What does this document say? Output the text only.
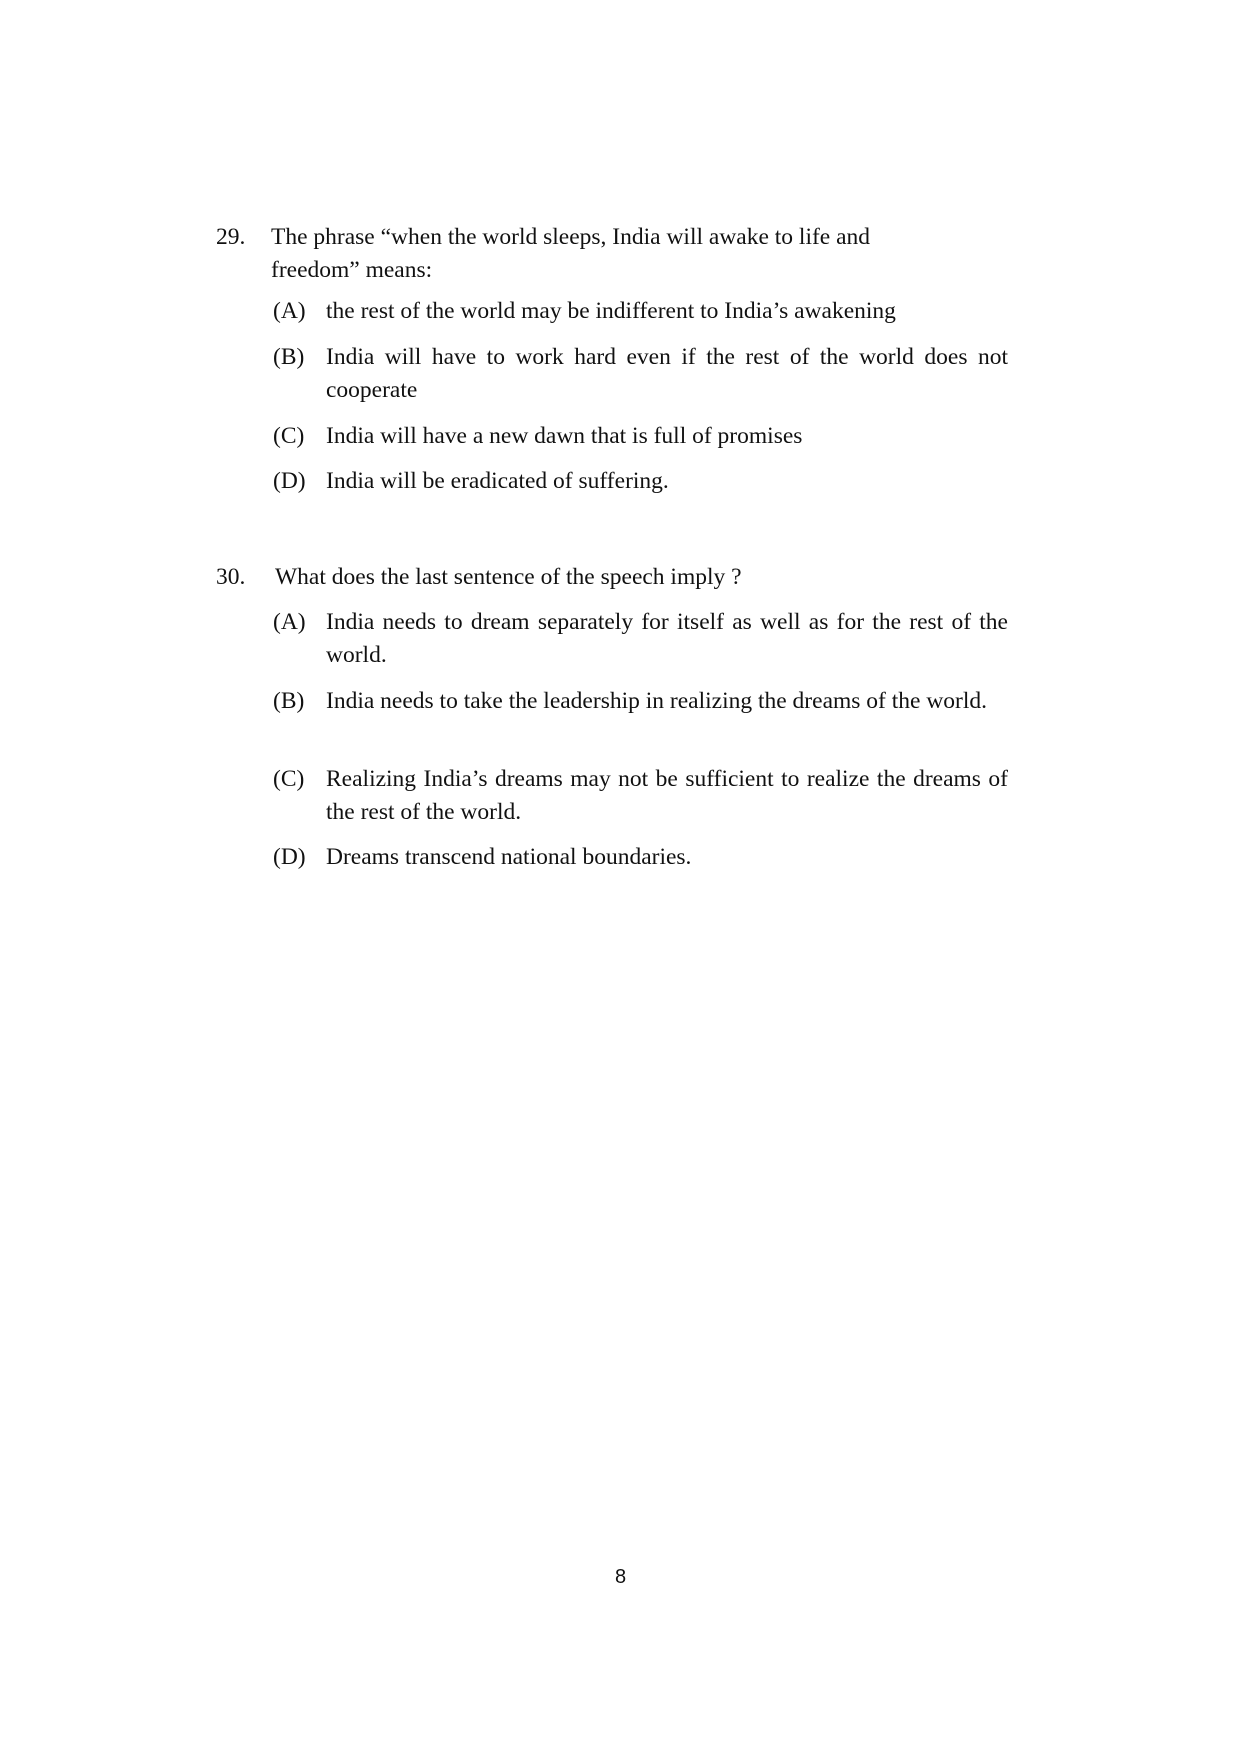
29. The phrase “when the world sleeps, India will awake to life and freedom” means:
(A) the rest of the world may be indifferent to India’s awakening
(B) India will have to work hard even if the rest of the world does not cooperate
(C) India will have a new dawn that is full of promises
(D) India will be eradicated of suffering.
30. What does the last sentence of the speech imply ?
(A) India needs to dream separately for itself as well as for the rest of the world.
(B) India needs to take the leadership in realizing the dreams of the world.
(C) Realizing India’s dreams may not be sufficient to realize the dreams of the rest of the world.
(D) Dreams transcend national boundaries.
8
